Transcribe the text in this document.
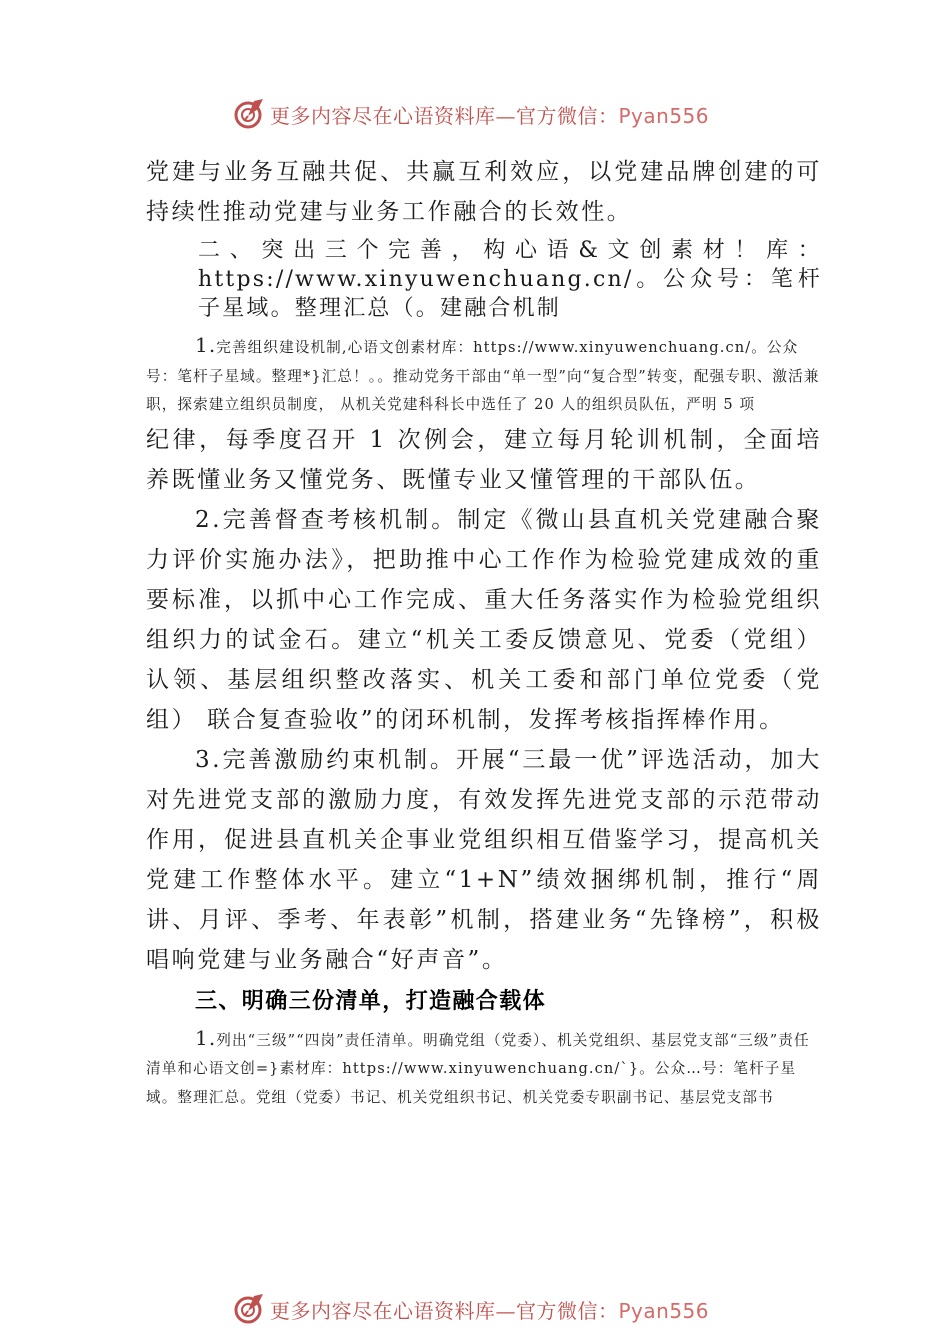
更多内容尽在心语资料库—官方微信：Pyan556

党建与业务互融共促、共赢互利效应，以党建品牌创建的可持续性推动党建与业务工作融合的长效性。

二、突出三个完善，构心语&文创素材！库：https://www.xinyuwenchuang.cn/。公众号：笔杆子星域。整理汇总（。建融合机制

1.完善组织建设机制,心语文创素材库：https://www.xinyuwenchuang.cn/。公众号：笔杆子星域。整理*}汇总！。。推动党务干部由“单一型”向“复合型”转变，配强专职、激活兼职，探索建立组织员制度， 从机关党建科科长中选任了 20 人的组织员队伍，严明 5 项

纪律，每季度召开 1 次例会，建立每月轮训机制，全面培养既懂业务又懂党务、既懂专业又懂管理的干部队伍。

2.完善督查考核机制。制定《微山县直机关党建融合聚力评价实施办法》，把助推中心工作作为检验党建成效的重要标准，以抓中心工作完成、重大任务落实作为检验党组织组织力的试金石。建立“机关工委反馈意见、党委（党组） 认领、基层组织整改落实、机关工委和部门单位党委（党组） 联合复查验收”的闭环机制，发挥考核指挥棒作用。

3.完善激励约束机制。开展“三最一优”评选活动，加大对先进党支部的激励力度，有效发挥先进党支部的示范带动作用，促进县直机关企事业党组织相互借鉴学习，提高机关党建工作整体水平。建立“1+N”绩效捆绑机制，推行“周讲、月评、季考、年表彰”机制，搭建业务“先锋榜”，积极唱响党建与业务融合“好声音”。

三、明确三份清单，打造融合载体

1.列出“三级”“四岗”责任清单。明确党组（党委）、机关党组织、基层党支部“三级”责任清单和心语文创=}素材库：https://www.xinyuwenchuang.cn/`}。公众…号：笔杆子星域。整理汇总。党组（党委）书记、机关党组织书记、机关党委专职副书记、基层党支部书

更多内容尽在心语资料库—官方微信：Pyan556
